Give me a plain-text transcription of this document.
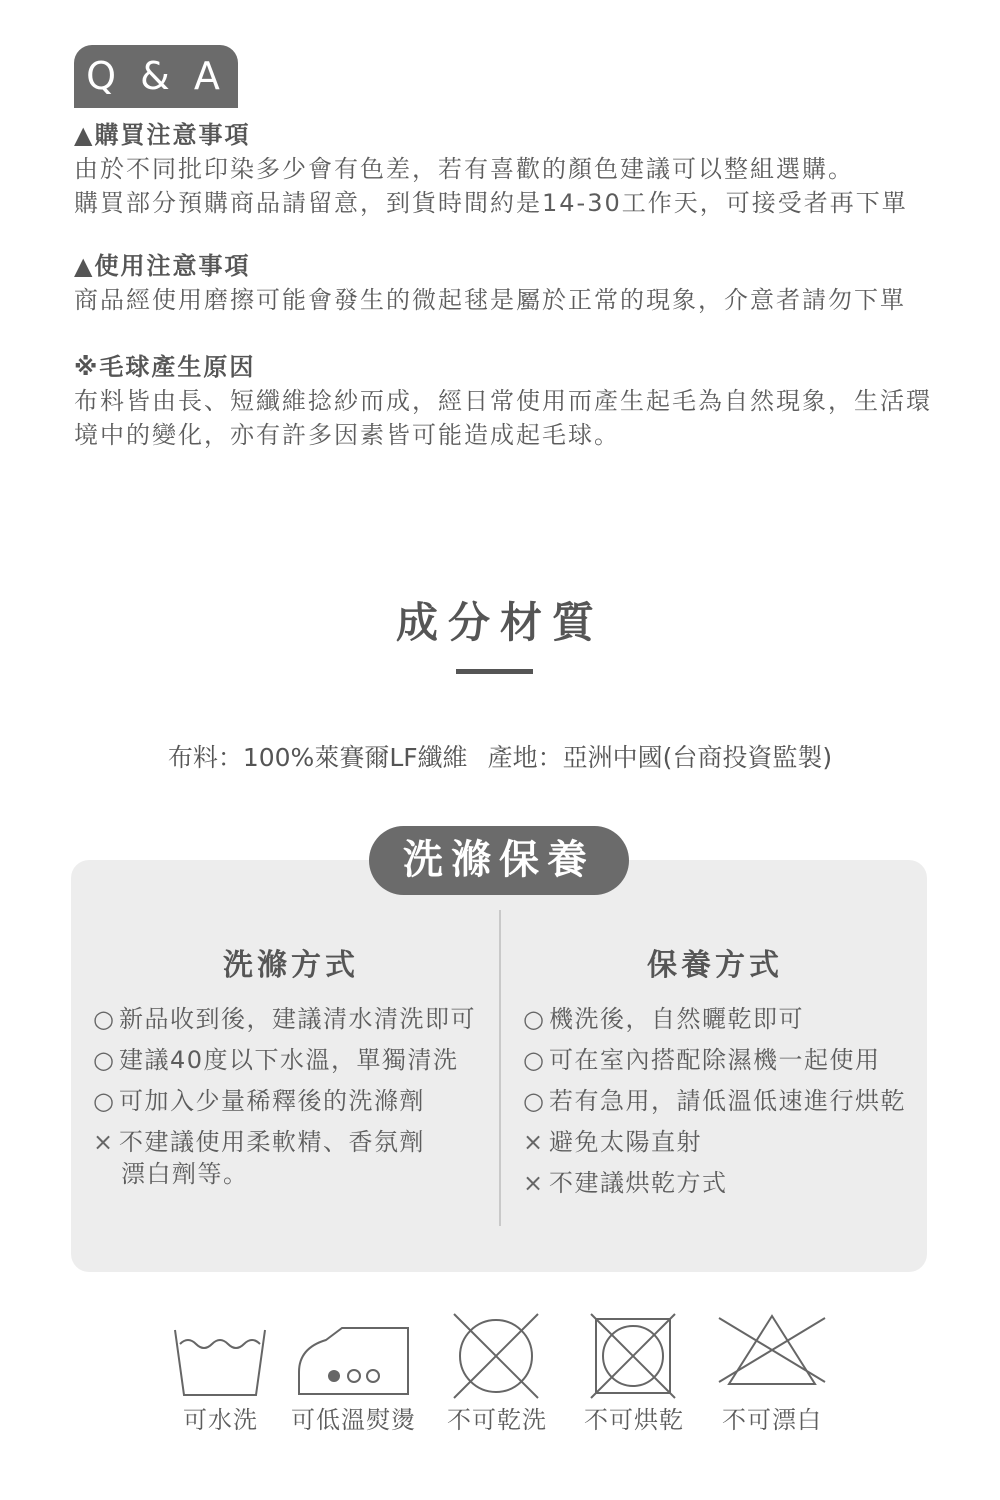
Q & A
▲購買注意事項
由於不同批印染多少會有色差，若有喜歡的顏色建議可以整組選購。
購買部分預購商品請留意，到貨時間約是14-30工作天，可接受者再下單
▲使用注意事項
商品經使用磨擦可能會發生的微起毬是屬於正常的現象，介意者請勿下單
※毛球產生原因
布料皆由長、短纖維捻紗而成，經日常使用而產生起毛為自然現象，生活環境中的變化，亦有許多因素皆可能造成起毛球。
成分材質
布料：100%萊賽爾LF纖維 產地：亞洲中國(台商投資監製)
洗滌保養
洗滌方式	保養方式
○ 新品收到後，建議清水清洗即可
○ 建議40度以下水溫，單獨清洗
○ 可加入少量稀釋後的洗滌劑
× 不建議使用柔軟精、香氛劑
漂白劑等。
○ 機洗後，自然曬乾即可
○ 可在室內搭配除濕機一起使用
○ 若有急用，請低溫低速進行烘乾
× 避免太陽直射
× 不建議烘乾方式
可水洗 可低溫熨燙 不可乾洗 不可烘乾 不可漂白
